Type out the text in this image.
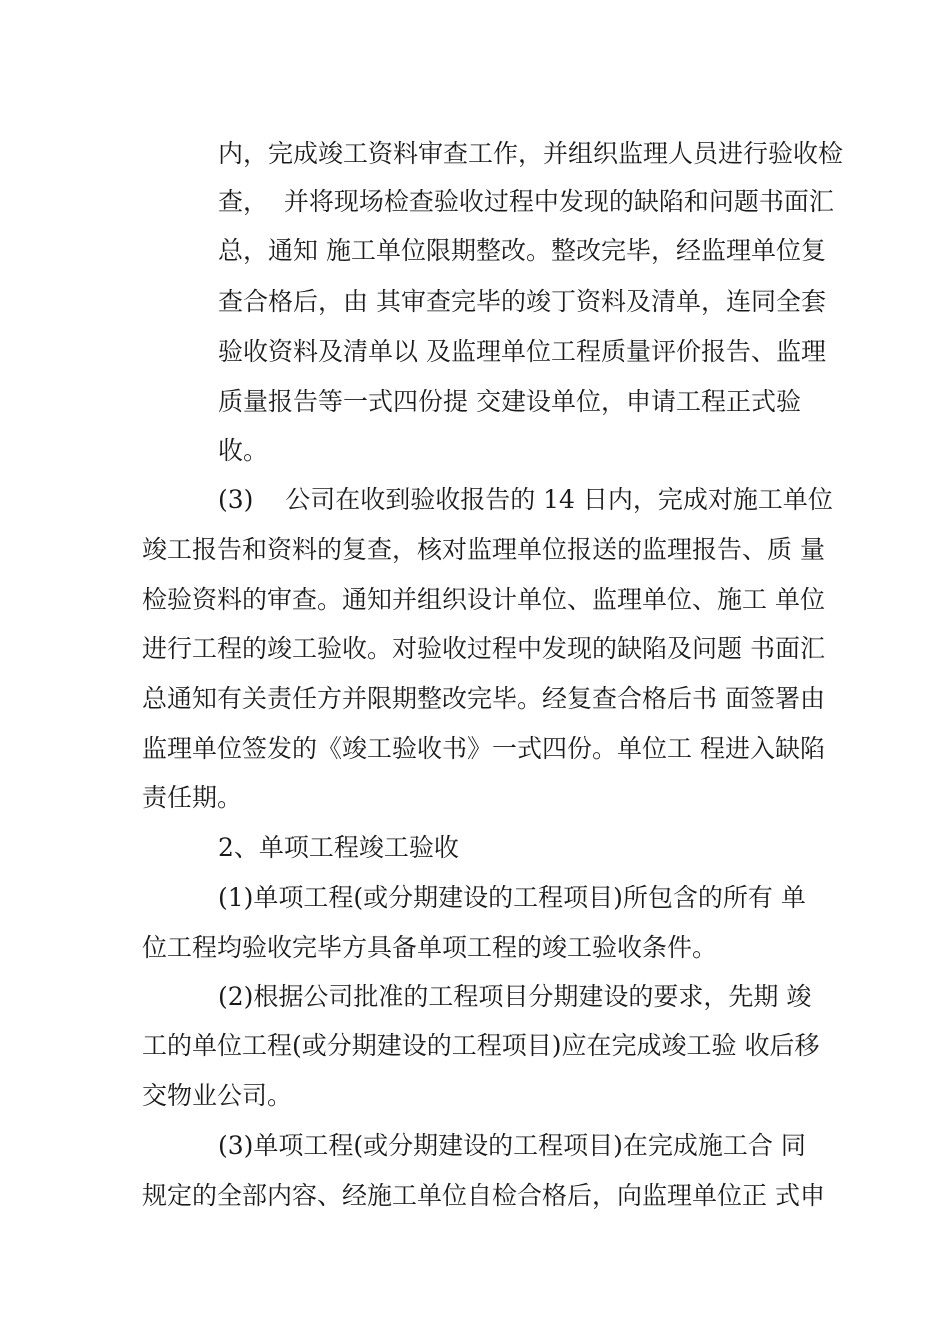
内，完成竣工资料审查工作，并组织监理人员进行验收检
查，  并将现场检查验收过程中发现的缺陷和问题书面汇
总，通知 施工单位限期整改。整改完毕，经监理单位复
查合格后，由 其审查完毕的竣丁资料及清单，连同全套
验收资料及清单以 及监理单位工程质量评价报告、监理
质量报告等一式四份提 交建设单位，申请工程正式验
收。
(3)    公司在收到验收报告的 14 日内，完成对施工单位
竣工报告和资料的复查，核对监理单位报送的监理报告、质 量
检验资料的审查。通知并组织设计单位、监理单位、施工 单位
进行工程的竣工验收。对验收过程中发现的缺陷及问题 书面汇
总通知有关责任方并限期整改完毕。经复查合格后书 面签署由
监理单位签发的《竣工验收书》一式四份。单位工 程进入缺陷
责任期。
2、单项工程竣工验收
(1)单项工程(或分期建设的工程项目)所包含的所有 单
位工程均验收完毕方具备单项工程的竣工验收条件。
(2)根据公司批准的工程项目分期建设的要求，先期 竣
工的单位工程(或分期建设的工程项目)应在完成竣工验 收后移
交物业公司。
(3)单项工程(或分期建设的工程项目)在完成施工合 同
规定的全部内容、经施工单位自检合格后，向监理单位正 式申
